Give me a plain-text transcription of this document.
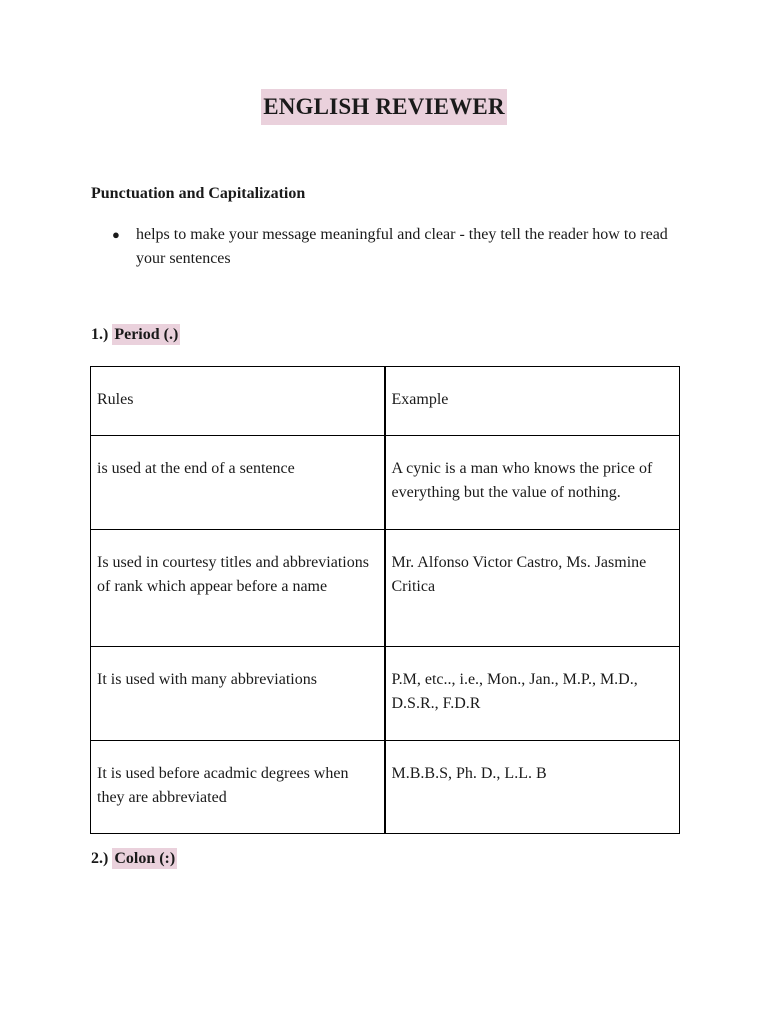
ENGLISH REVIEWER
Punctuation and Capitalization
● helps to make your message meaningful and clear - they tell the reader how to read your sentences
1.) Period (.)
Rules	Example
is used at the end of a sentence	A cynic is a man who knows the price of everything but the value of nothing.
Is used in courtesy titles and abbreviations of rank which appear before a name	Mr. Alfonso Victor Castro, Ms. Jasmine Critica
It is used with many abbreviations	P.M, etc.., i.e., Mon., Jan., M.P., M.D., D.S.R., F.D.R
It is used before acadmic degrees when they are abbreviated	M.B.B.S, Ph. D., L.L. B
2.) Colon (:)
